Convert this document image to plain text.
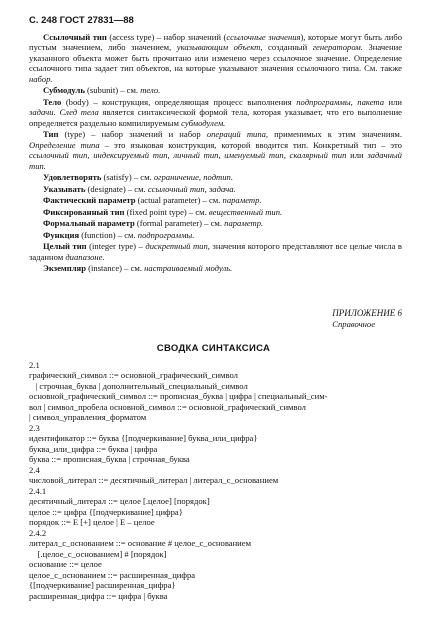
С. 248 ГОСТ 27831—88

Ссылочный тип (access type) – набор значений (ссылочные значения), которые могут быть либо пустым значением, либо значением, указывающим объект, созданный генератором. Значение указанного объекта может быть прочитано или изменено через ссылочное значение. Определение ссылочного типа задает тип объектов, на которые указывают значения ссылочного типа. См. также набор.

Субмодуль (subunit) – см. тело.

Тело (body) – конструкция, определяющая процесс выполнения подпрограммы, пакета или задачи. След тела является синтаксической формой тела, которая указывает, что его выполнение определяется раздельно компилируемым субмодулем.

Тип (type) – набор значений и набор операций типа, применимых к этим значениям. Определение типа – это языковая конструкция, которой вводится тип. Конкретный тип – это ссылочный тип, индексируемый тип, личный тип, именуемый тип, скалярный тип или задачный тип.

Удовлетворять (satisfy) – см. ограничение, подтип.

Указывать (designate) – см. ссылочный тип, задача.

Фактический параметр (actual parameter) – см. параметр.

Фиксированный тип (fixed point type) – см. вещественный тип.

Формальный параметр (formal parameter) – см. параметр.

Функция (function) – см. подпрограммы.

Целый тип (integer type) – дискретный тип, значения которого представляют все целые числа в заданном диапазоне.

Экземпляр (instance) – см. настраиваемый модуль.

ПРИЛОЖЕНИЕ 6
Справочное
СВОДКА СИНТАКСИСА
2.1
графический_символ ::= основной_графический_символ
| строчная_буква | дополнительный_специальный_символ
основной_графический_символ ::= прописная_буква | цифра | специальный_сим-
вол | символ_пробела основной_символ ::= основной_графический_символ
| символ_управления_форматом
2.3
идентификатор ::= буква {[подчеркивание] буква_или_цифра}
буква_или_цифра ::= буква | цифра
буква ::= прописная_буква | строчная_буква
2.4
числовой_литерал ::= десятичный_литерал | литерал_с_основанием
2.4.1
десятичный_литерал ::= целое [.целое] [порядок]
целое ::= цифра {[подчеркивание] цифра}
порядок ::= E [+] целое | E – целое
2.4.2
литерал_с_основанием ::= основание # целое_с_основанием
[.целое_с_основанием] # [порядок]
основание ::= целое
целое_с_основанием ::= расширенная_цифра
{[подчеркивание] расширенная_цифра}
расширенная_цифра ::= цифра | буква
